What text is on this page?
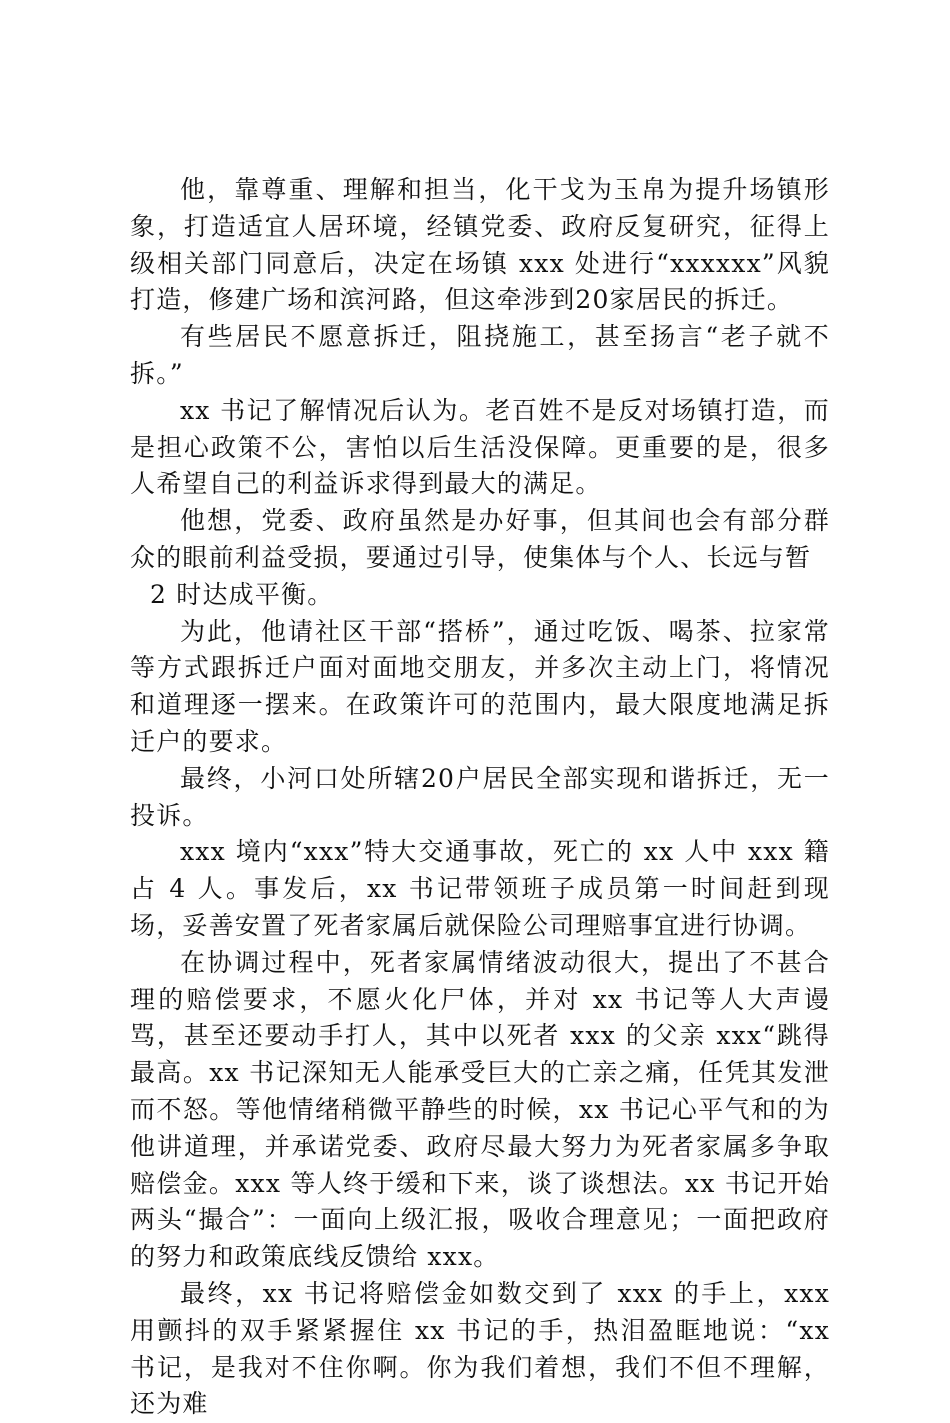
他，靠尊重、理解和担当，化干戈为玉帛为提升场镇形象，打造适宜人居环境，经镇党委、政府反复研究，征得上级相关部门同意后，决定在场镇 xxx 处进行“xxxxxx”风貌打造，修建广场和滨河路，但这牵涉到20家居民的拆迁。

有些居民不愿意拆迁，阻挠施工，甚至扬言“老子就不拆。”

xx 书记了解情况后认为。老百姓不是反对场镇打造，而是担心政策不公，害怕以后生活没保障。更重要的是，很多人希望自己的利益诉求得到最大的满足。

他想，党委、政府虽然是办好事，但其间也会有部分群众的眼前利益受损，要通过引导，使集体与个人、长远与暂

2 时达成平衡。

为此，他请社区干部“搭桥”，通过吃饭、喝茶、拉家常等方式跟拆迁户面对面地交朋友，并多次主动上门，将情况和道理逐一摆来。在政策许可的范围内，最大限度地满足拆迁户的要求。

最终，小河口处所辖20户居民全部实现和谐拆迁，无一投诉。

xxx 境内“xxx”特大交通事故，死亡的 xx 人中 xxx 籍占 4 人。事发后，xx 书记带领班子成员第一时间赶到现场，妥善安置了死者家属后就保险公司理赔事宜进行协调。

在协调过程中，死者家属情绪波动很大，提出了不甚合理的赔偿要求，不愿火化尸体，并对 xx 书记等人大声谩骂，甚至还要动手打人，其中以死者 xxx 的父亲 xxx“跳得最高。xx 书记深知无人能承受巨大的亡亲之痛，任凭其发泄而不怒。等他情绪稍微平静些的时候，xx 书记心平气和的为他讲道理，并承诺党委、政府尽最大努力为死者家属多争取赔偿金。xxx 等人终于缓和下来，谈了谈想法。xx 书记开始两头“撮合”：一面向上级汇报，吸收合理意见；一面把政府的努力和政策底线反馈给 xxx。

最终，xx 书记将赔偿金如数交到了 xxx 的手上，xxx 用颤抖的双手紧紧握住 xx 书记的手，热泪盈眶地说：“xx 书记，是我对不住你啊。你为我们着想，我们不但不理解，还为难
